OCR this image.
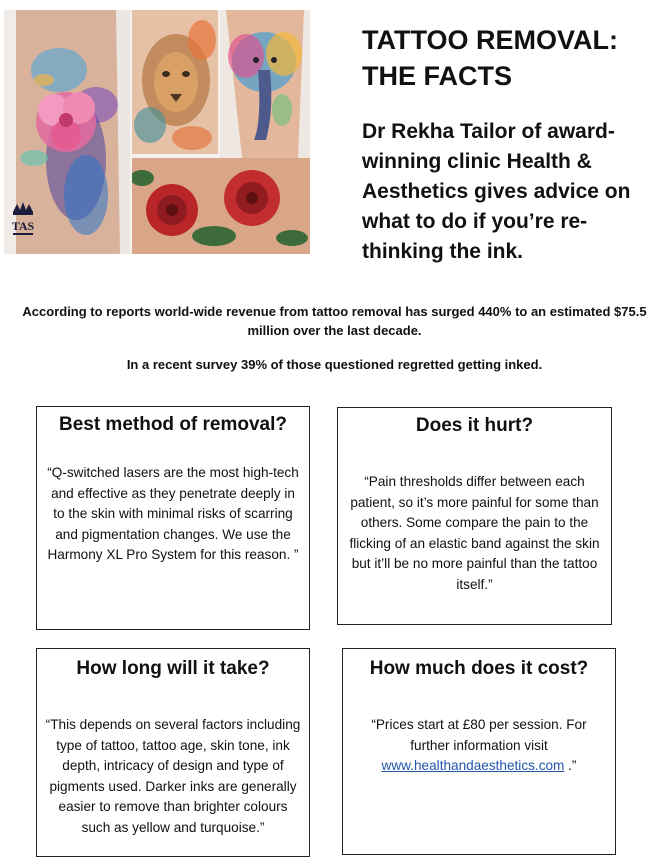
TAS
TATTOO REMOVAL:
THE FACTS

Dr Rekha Tailor of award-winning clinic Health & Aesthetics gives advice on what to do if you’re re-thinking the ink.

According to reports world-wide revenue from tattoo removal has surged 440% to an estimated $75.5 million over the last decade.

In a recent survey 39% of those questioned regretted getting inked.

Best method of removal?

“Q-switched lasers are the most high-tech and effective as they penetrate deeply in to the skin with minimal risks of scarring and pigmentation changes. We use the Harmony XL Pro System for this reason. ”

Does it hurt?

“Pain thresholds differ between each patient, so it’s more painful for some than others. Some compare the pain to the flicking of an elastic band against the skin but it’ll be no more painful than the tattoo itself.”

How long will it take?

“This depends on several factors including type of tattoo, tattoo age, skin tone, ink depth, intricacy of design and type of pigments used. Darker inks are generally easier to remove than brighter colours such as yellow and turquoise.”

How much does it cost?

“Prices start at £80 per session. For further information visit
www.healthandaesthetics.com .”
